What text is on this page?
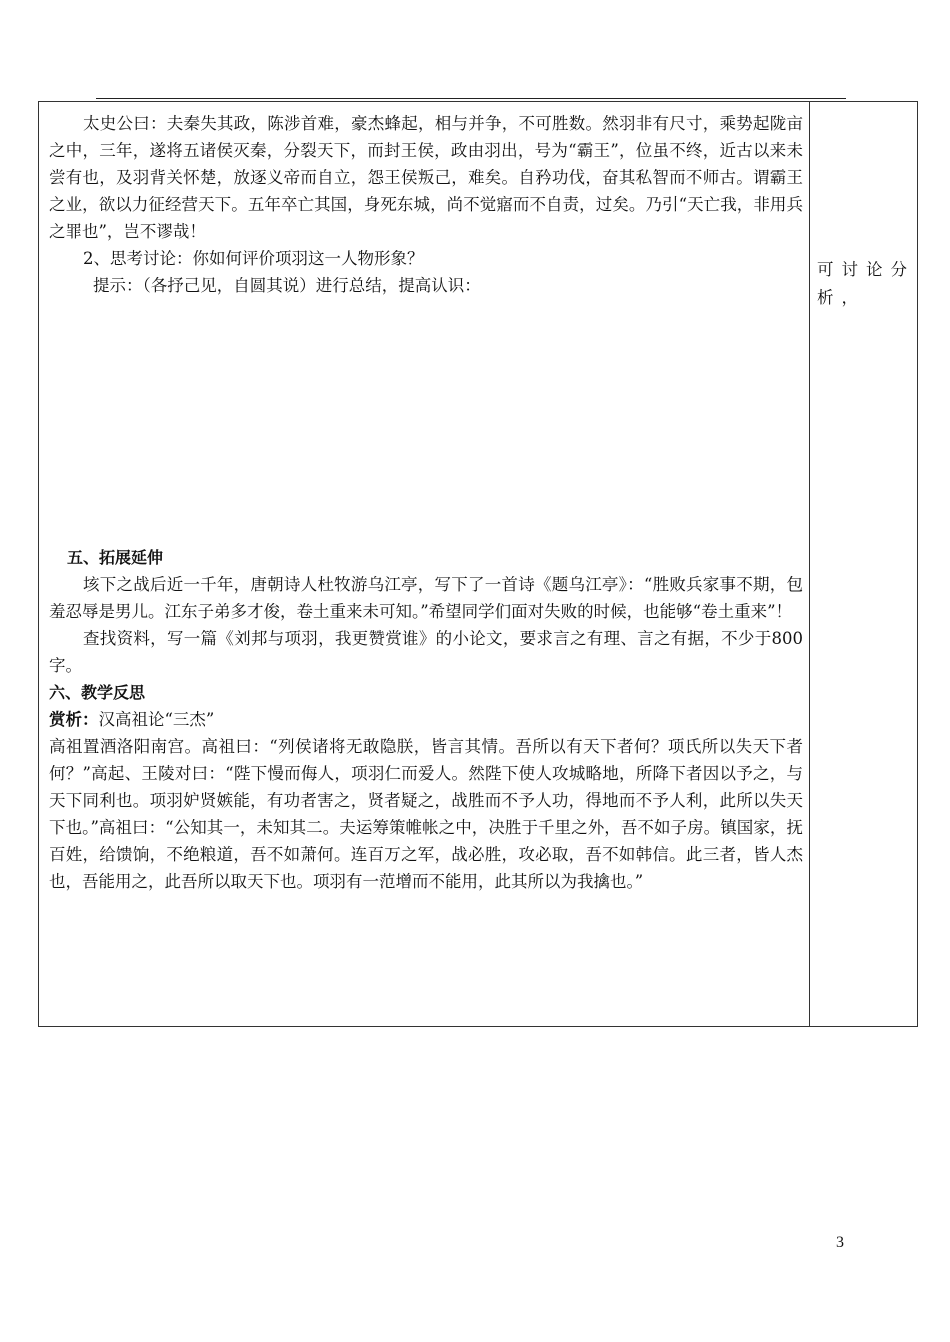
太史公曰：夫秦失其政，陈涉首难，豪杰蜂起，相与并争，不可胜数。然羽非有尺寸，乘势起陇亩之中，三年，遂将五诸侯灭秦，分裂天下，而封王侯，政由羽出，号为“霸王”，位虽不终，近古以来未尝有也，及羽背关怀楚，放逐义帝而自立，怨王侯叛己，难矣。自矜功伐，奋其私智而不师古。谓霸王之业，欲以力征经营天下。五年卒亡其国，身死东城，尚不觉寤而不自责，过矣。乃引“天亡我，非用兵之罪也”，岂不谬哉！

2、思考讨论：你如何评价项羽这一人物形象？

提示：（各抒己见，自圆其说）进行总结，提高认识：

五、拓展延伸

垓下之战后近一千年，唐朝诗人杜牧游乌江亭，写下了一首诗《题乌江亭》：“胜败兵家事不期，包羞忍辱是男儿。江东子弟多才俊，卷土重来未可知。”希望同学们面对失败的时候，也能够“卷土重来”！

查找资料，写一篇《刘邦与项羽，我更赞赏谁》的小论文，要求言之有理、言之有据，不少于800字。

六、教学反思

赏析：汉高祖论“三杰”

高祖置酒洛阳南宫。高祖曰：“列侯诸将无敢隐朕，皆言其情。吾所以有天下者何？项氏所以失天下者何？”高起、王陵对曰：“陛下慢而侮人，项羽仁而爱人。然陛下使人攻城略地，所降下者因以予之，与天下同利也。项羽妒贤嫉能，有功者害之，贤者疑之，战胜而不予人功，得地而不予人利，此所以失天下也。”高祖曰：“公知其一，未知其二。夫运筹策帷帐之中，决胜于千里之外，吾不如子房。镇国家，抚百姓，给馈饷，不绝粮道，吾不如萧何。连百万之军，战必胜，攻必取，吾不如韩信。此三者，皆人杰也，吾能用之，此吾所以取天下也。项羽有一范增而不能用，此其所以为我擒也。”

可讨论分析，
3
